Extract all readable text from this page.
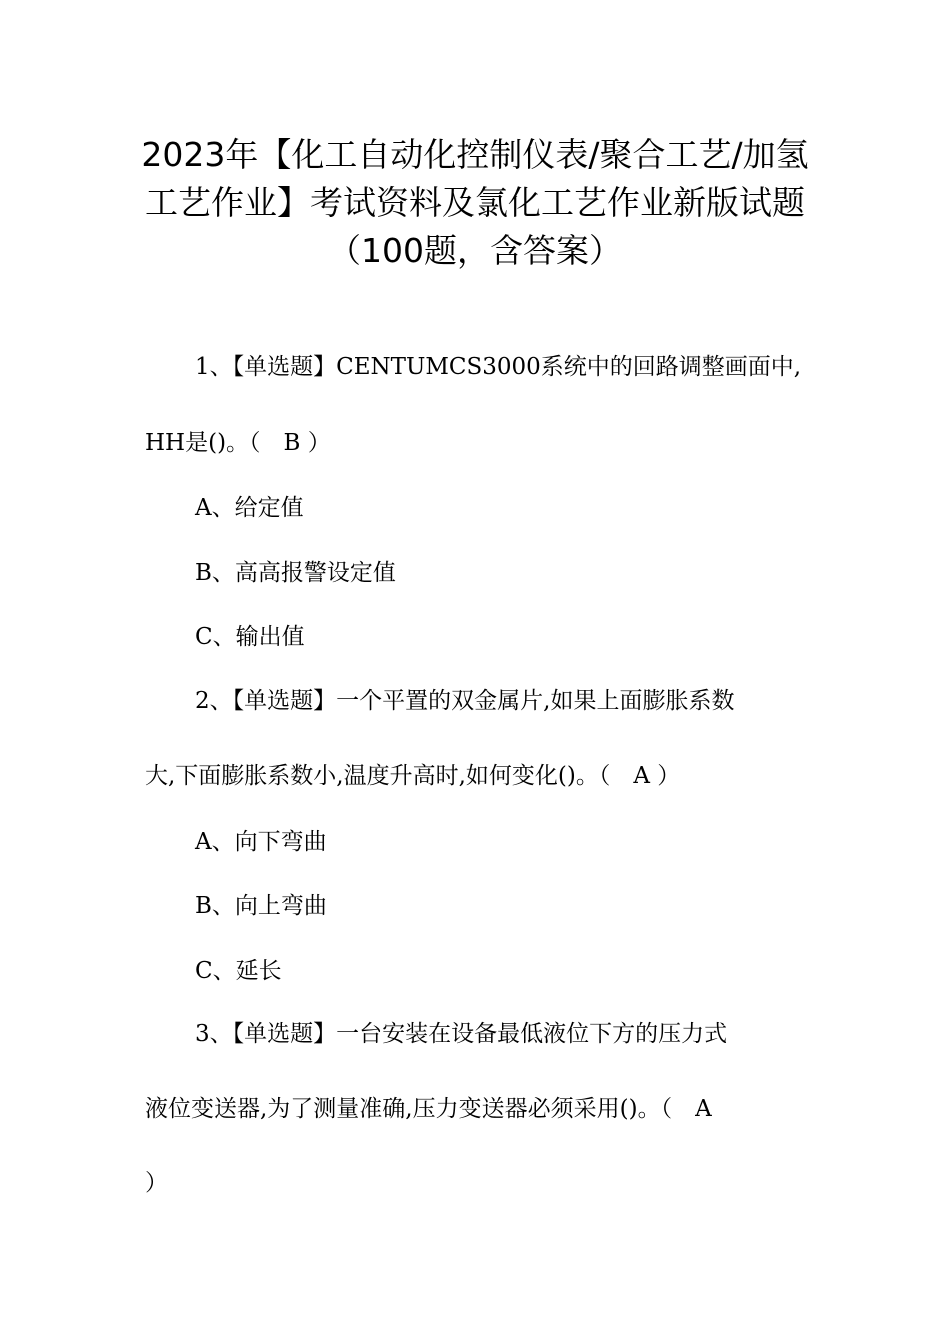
2023年【化工自动化控制仪表/聚合工艺/加氢
工艺作业】考试资料及氯化工艺作业新版试题
（100题，含答案）
1、【单选题】CENTUMCS3000系统中的回路调整画面中,
HH是()。（　B ）
A、给定值
B、高高报警设定值
C、输出值
2、【单选题】一个平置的双金属片,如果上面膨胀系数
大,下面膨胀系数小,温度升高时,如何变化()。（　A ）
A、向下弯曲
B、向上弯曲
C、延长
3、【单选题】一台安装在设备最低液位下方的压力式
液位变送器,为了测量准确,压力变送器必须采用()。（　A
）
